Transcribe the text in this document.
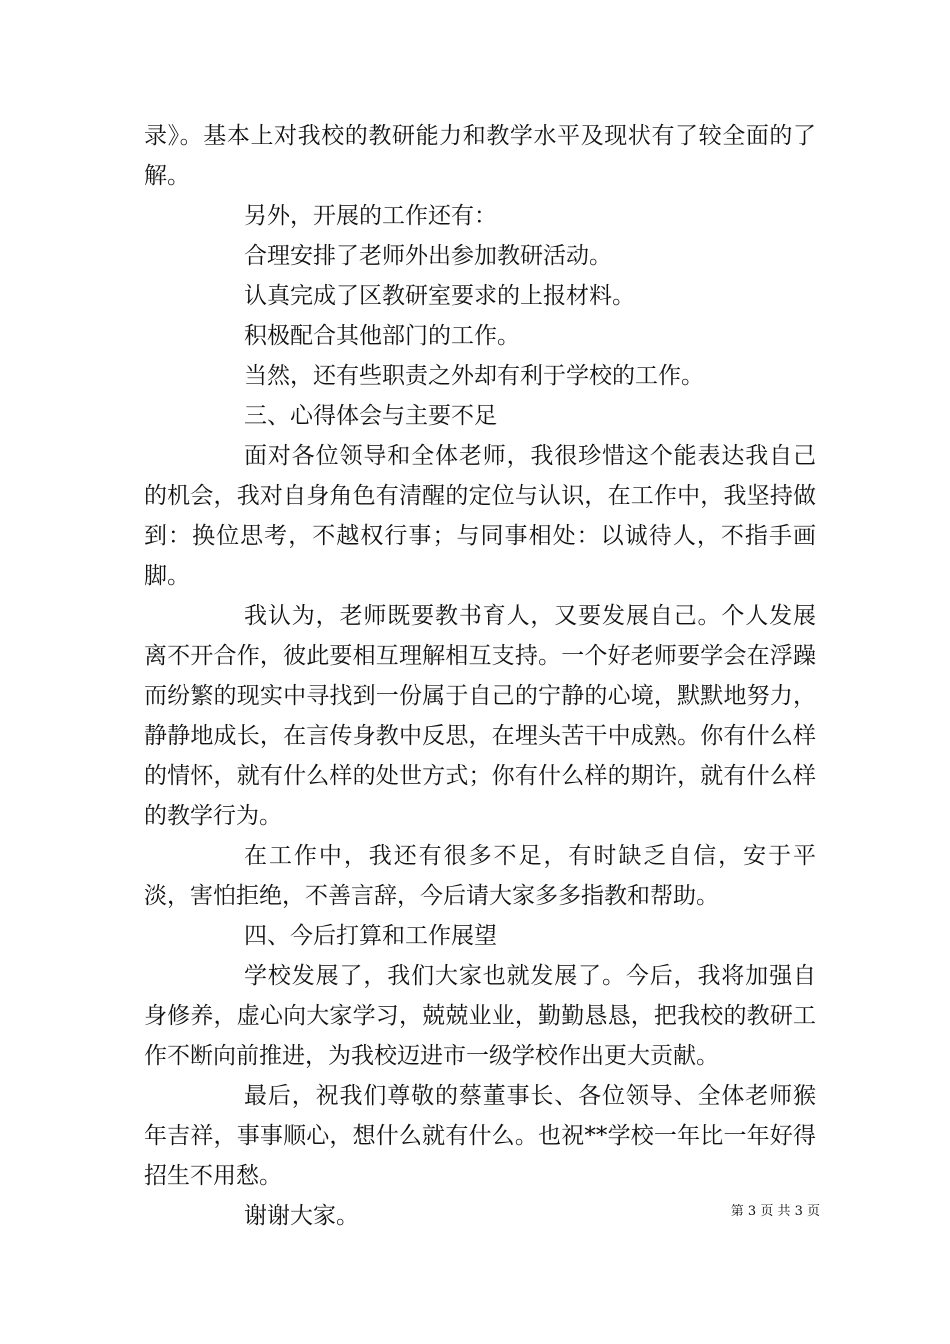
录》。基本上对我校的教研能力和教学水平及现状有了较全面的了解。

另外，开展的工作还有：

合理安排了老师外出参加教研活动。

认真完成了区教研室要求的上报材料。

积极配合其他部门的工作。

当然，还有些职责之外却有利于学校的工作。

三、心得体会与主要不足

面对各位领导和全体老师，我很珍惜这个能表达我自己的机会，我对自身角色有清醒的定位与认识，在工作中，我坚持做到：换位思考，不越权行事；与同事相处：以诚待人，不指手画脚。

我认为，老师既要教书育人，又要发展自己。个人发展离不开合作，彼此要相互理解相互支持。一个好老师要学会在浮躁而纷繁的现实中寻找到一份属于自己的宁静的心境，默默地努力，静静地成长，在言传身教中反思，在埋头苦干中成熟。你有什么样的情怀，就有什么样的处世方式；你有什么样的期许，就有什么样的教学行为。

在工作中，我还有很多不足，有时缺乏自信，安于平淡，害怕拒绝，不善言辞，今后请大家多多指教和帮助。

四、今后打算和工作展望

学校发展了，我们大家也就发展了。今后，我将加强自身修养，虚心向大家学习，兢兢业业，勤勤恳恳，把我校的教研工作不断向前推进，为我校迈进市一级学校作出更大贡献。

最后，祝我们尊敬的蔡董事长、各位领导、全体老师猴年吉祥，事事顺心，想什么就有什么。也祝**学校一年比一年好得招生不用愁。

谢谢大家。	第 3 页 共 3 页
